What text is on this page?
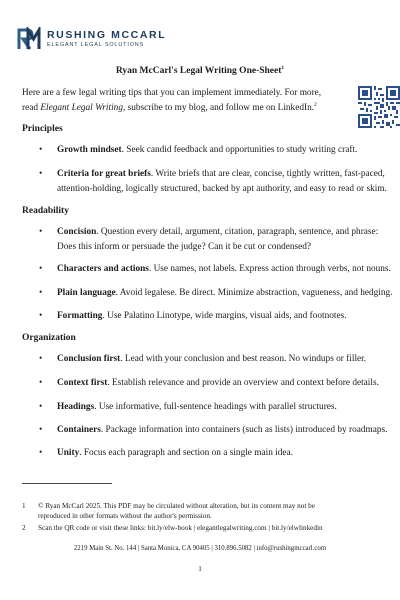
RUSHING MCCARL
ELEGANT LEGAL SOLUTIONS
Ryan McCarl's Legal Writing One-Sheet$^1$
Here are a few legal writing tips that you can implement immediately. For more,
read Elegant Legal Writing, subscribe to my blog, and follow me on LinkedIn.$^2$
Principles
• Growth mindset. Seek candid feedback and opportunities to study writing craft.
• Criteria for great briefs. Write briefs that are clear, concise, tightly written, fast-paced,
attention-holding, logically structured, backed by apt authority, and easy to read or skim.
Readability
• Concision. Question every detail, argument, citation, paragraph, sentence, and phrase:
Does this inform or persuade the judge? Can it be cut or condensed?
• Characters and actions. Use names, not labels. Express action through verbs, not nouns.
• Plain language. Avoid legalese. Be direct. Minimize abstraction, vagueness, and hedging.
• Formatting. Use Palatino Linotype, wide margins, visual aids, and footnotes.
Organization
• Conclusion first. Lead with your conclusion and best reason. No windups or filler.
• Context first. Establish relevance and provide an overview and context before details.
• Headings. Use informative, full-sentence headings with parallel structures.
• Containers. Package information into containers (such as lists) introduced by roadmaps.
• Unity. Focus each paragraph and section on a single main idea.
1 © Ryan McCarl 2025. This PDF may be circulated without alteration, but its content may not be
reproduced in other formats without the author's permission.
2 Scan the QR code or visit these links: bit.ly/elw-book | elegantlegalwriting.com | bit.ly/elwlinkedin
2219 Main St. No. 144 | Santa Monica, CA 90405 | 310.896.5082 | info@rushingmccarl.com
1
